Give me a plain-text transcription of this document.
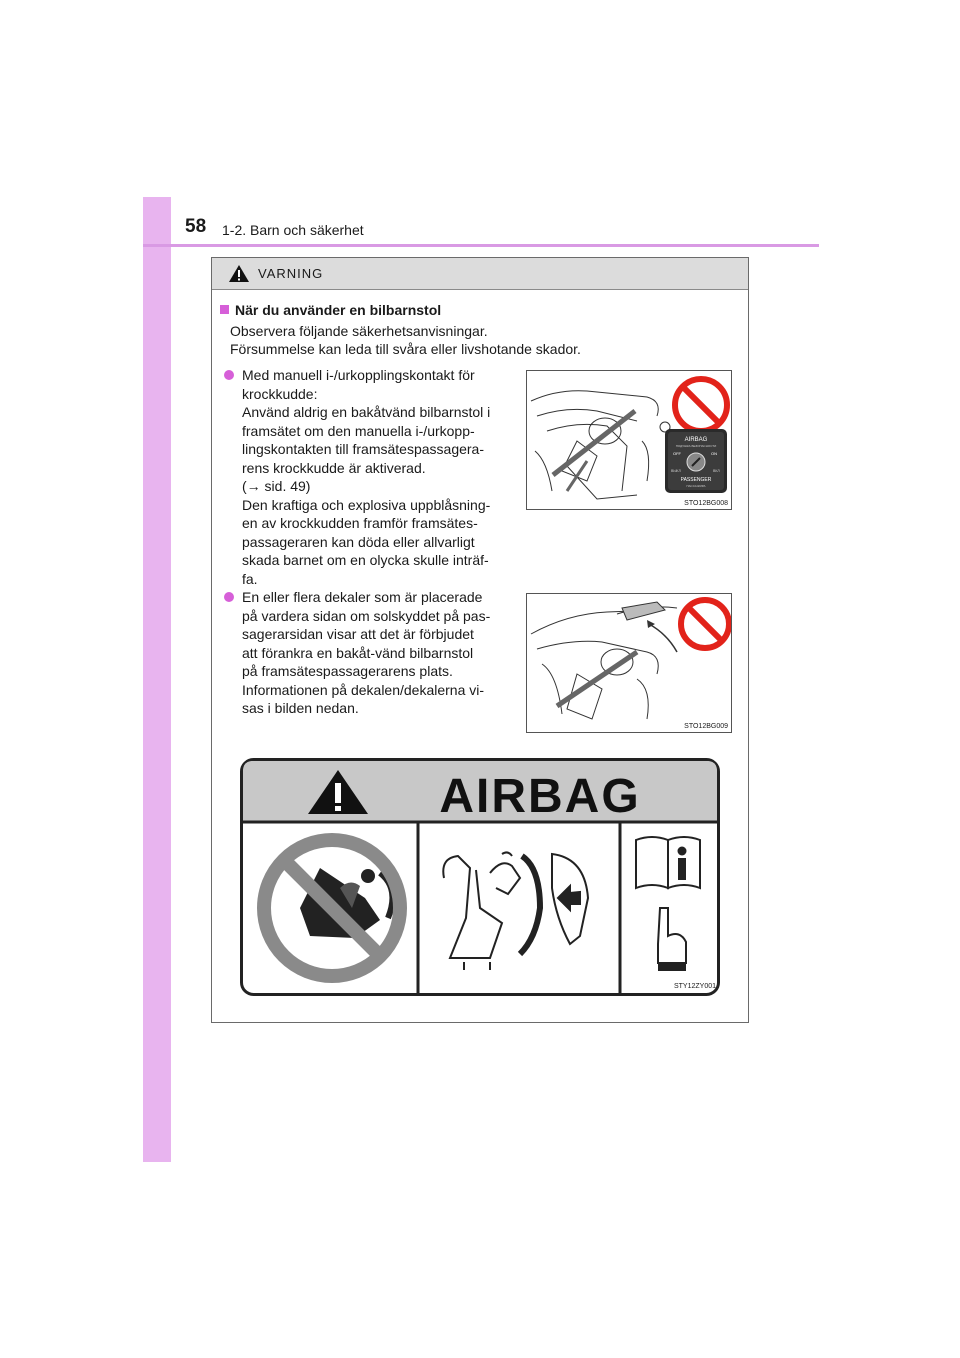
58 1-2. Barn och säkerhet
VARNING
När du använder en bilbarnstol
Observera följande säkerhetsanvisningar.
Försummelse kan leda till svåra eller livshotande skador.
Med manuell i-/urkopplingskontakt för
krockkudde:
Använd aldrig en bakåtvänd bilbarnstol i
framsätet om den manuella i-/urkopp-
lingskontakten till framsätespassagera-
rens krockkudde är aktiverad.
(→ sid. 49)
Den kraftiga och explosiva uppblåsning-
en av krockkudden framför framsätes-
passageraren kan döda eller allvarligt
skada barnet om en olycka skulle inträf-
fa.
AIRBAG
ПОДУШКА БЕЗОПАСНОСТИ
OFF	ON
ВЫКЛ	ВКЛ
PASSENGER
ПАССАЖИРА
STO12BG008
En eller flera dekaler som är placerade
på vardera sidan om solskyddet på pas-
sagerarsidan visar att det är förbjudet
att förankra en bakåt-vänd bilbarnstol
på framsätespassagerarens plats.
Informationen på dekalen/dekalerna vi-
sas i bilden nedan.
STO12BG009
AIRBAG
STY12ZY001
